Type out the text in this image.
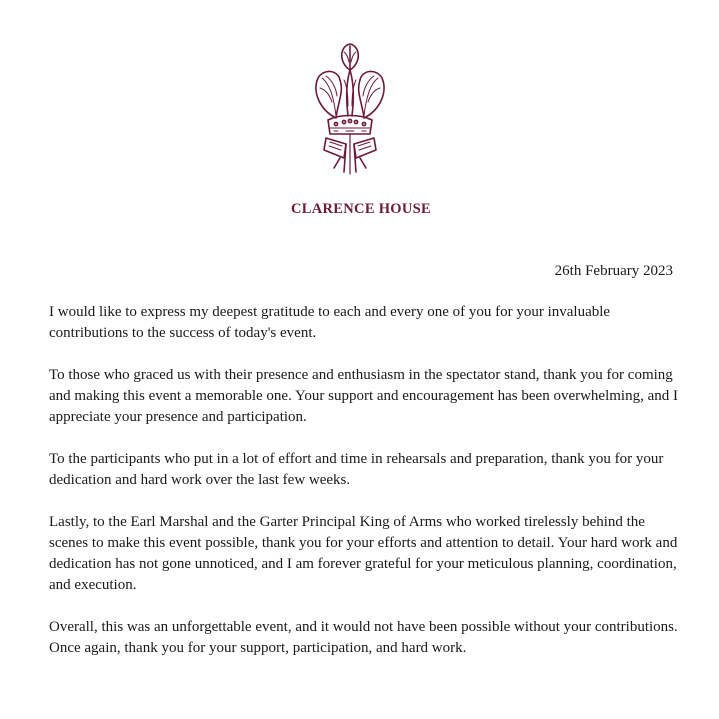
CLARENCE HOUSE
26th February 2023

I would like to express my deepest gratitude to each and every one of you for your invaluable contributions to the success of today's event.

To those who graced us with their presence and enthusiasm in the spectator stand, thank you for coming and making this event a memorable one. Your support and encouragement has been overwhelming, and I appreciate your presence and participation.

To the participants who put in a lot of effort and time in rehearsals and preparation, thank you for your dedication and hard work over the last few weeks.

Lastly, to the Earl Marshal and the Garter Principal King of Arms who worked tirelessly behind the scenes to make this event possible, thank you for your efforts and attention to detail. Your hard work and dedication has not gone unnoticed, and I am forever grateful for your meticulous planning, coordination, and execution.

Overall, this was an unforgettable event, and it would not have been possible without your contributions. Once again, thank you for your support, participation, and hard work.
